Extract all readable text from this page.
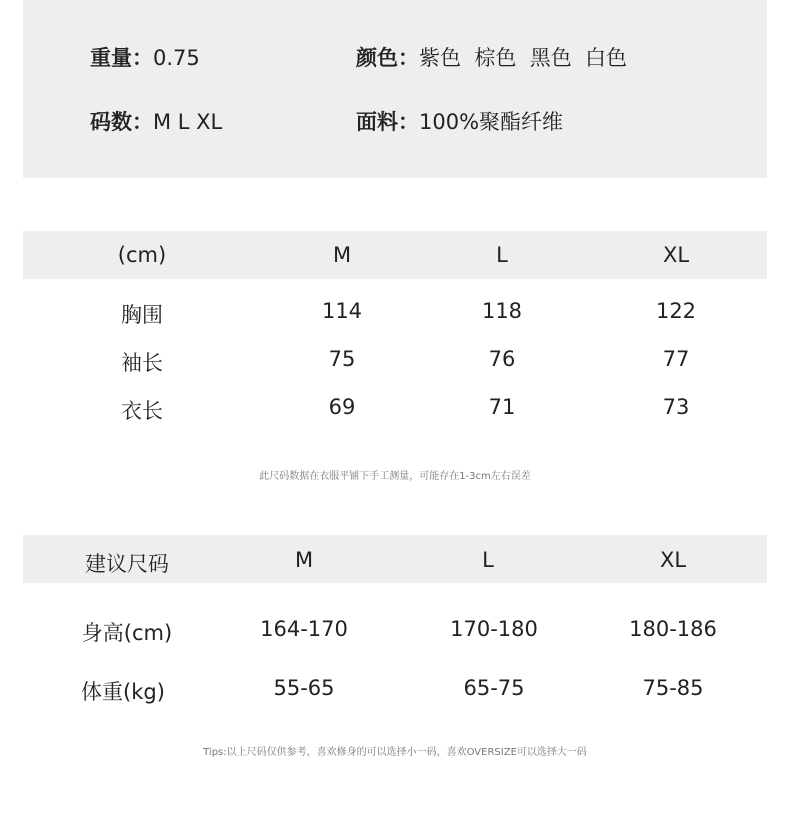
重量：0.75	颜色：紫色  棕色  黑色  白色
码数：M L XL	面料：100%聚酯纤维
(cm)	M	L	XL
胸围	114	118	122
袖长	75	76	77
衣长	69	71	73
此尺码数据在衣服平铺下手工测量，可能存在1-3cm左右误差
建议尺码	M	L	XL
身高(cm)	164-170	170-180	180-186
体重(kg)	55-65	65-75	75-85
Tips:以上尺码仅供参考，喜欢修身的可以选择小一码，喜欢OVERSIZE可以选择大一码
